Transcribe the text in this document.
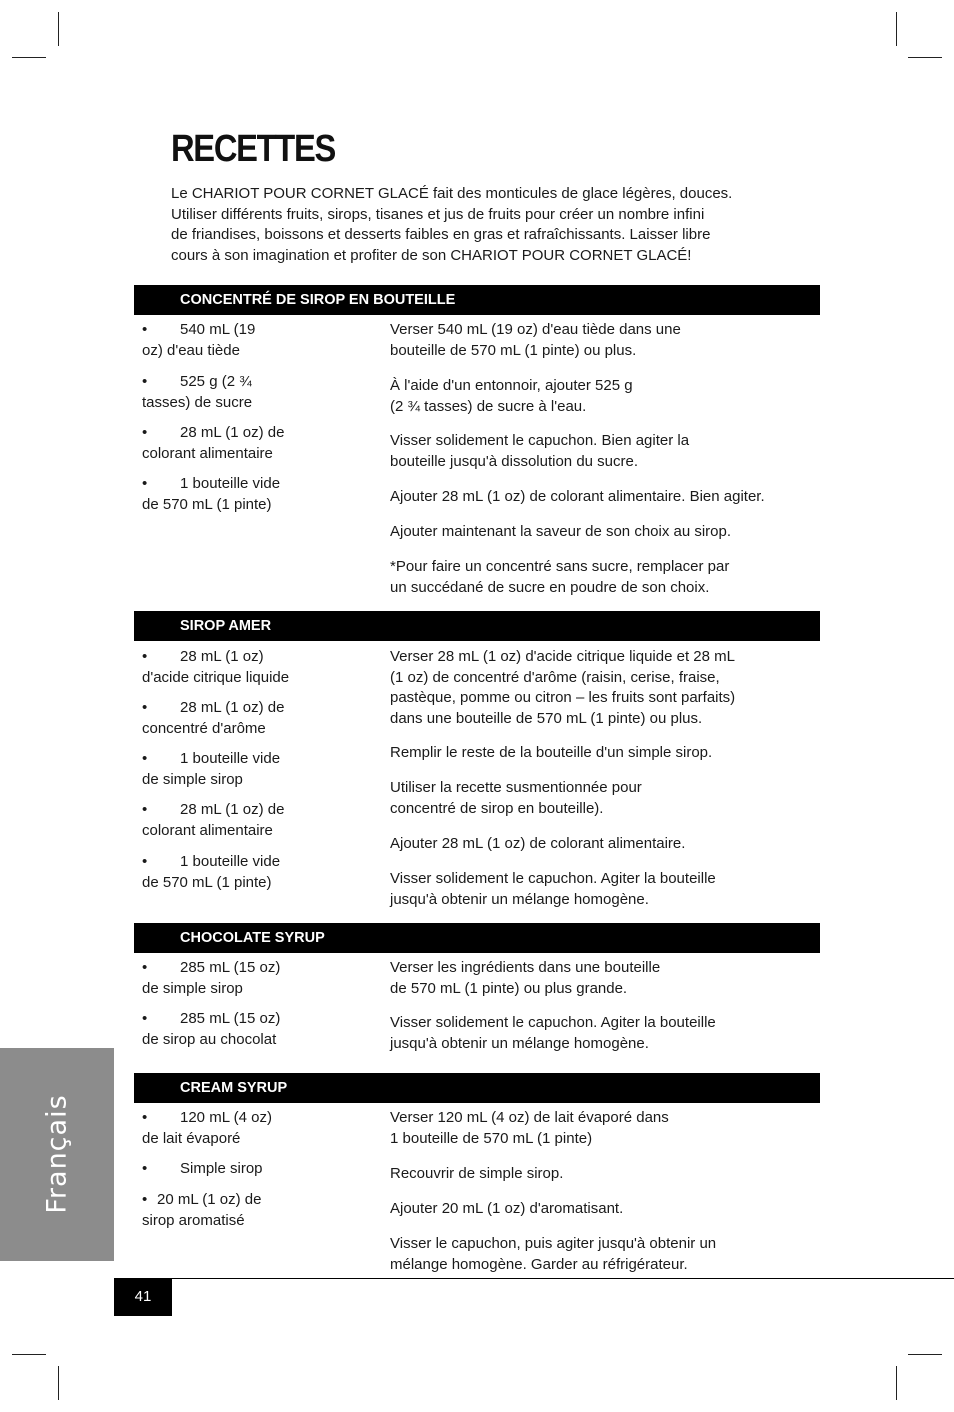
RECETTES

Le CHARIOT POUR CORNET GLACÉ fait des monticules de glace légères, douces.
Utiliser différents fruits, sirops, tisanes et jus de fruits pour créer un nombre infini
de friandises, boissons et desserts faibles en gras et rafraîchissants. Laisser libre
cours à son imagination et profiter de son CHARIOT POUR CORNET GLACÉ!

CONCENTRÉ DE SIROP EN BOUTEILLE

• 540 mL (19
oz) d'eau tiède

• 525 g (2 ¾
tasses) de sucre

• 28 mL (1 oz) de
colorant alimentaire

• 1 bouteille vide
de 570 mL (1 pinte)

Verser 540 mL (19 oz) d'eau tiède dans une
bouteille de 570 mL (1 pinte) ou plus.

À l'aide d'un entonnoir, ajouter 525 g
(2 ¾ tasses) de sucre à l'eau.

Visser solidement le capuchon. Bien agiter la
bouteille jusqu'à dissolution du sucre.

Ajouter 28 mL (1 oz) de colorant alimentaire. Bien agiter.

Ajouter maintenant la saveur de son choix au sirop.

*Pour faire un concentré sans sucre, remplacer par
un succédané de sucre en poudre de son choix.

SIROP AMER

• 28 mL (1 oz)
d'acide citrique liquide

• 28 mL (1 oz) de
concentré d'arôme

• 1 bouteille vide
de simple sirop

• 28 mL (1 oz) de
colorant alimentaire

• 1 bouteille vide
de 570 mL (1 pinte)

Verser 28 mL (1 oz) d'acide citrique liquide et 28 mL
(1 oz) de concentré d'arôme (raisin, cerise, fraise,
pastèque, pomme ou citron – les fruits sont parfaits)
dans une bouteille de 570 mL (1 pinte) ou plus.

Remplir le reste de la bouteille d'un simple sirop.

Utiliser la recette susmentionnée pour
concentré de sirop en bouteille).

Ajouter 28 mL (1 oz) de colorant alimentaire.

Visser solidement le capuchon. Agiter la bouteille
jusqu'à obtenir un mélange homogène.

CHOCOLATE SYRUP

• 285 mL (15 oz)
de simple sirop

• 285 mL (15 oz)
de sirop au chocolat

Verser les ingrédients dans une bouteille
de 570 mL (1 pinte) ou plus grande.

Visser solidement le capuchon. Agiter la bouteille
jusqu'à obtenir un mélange homogène.

CREAM SYRUP

• 120 mL (4 oz)
de lait évaporé

• Simple sirop

• 20 mL (1 oz) de
sirop aromatisé

Verser 120 mL (4 oz) de lait évaporé dans
1 bouteille de 570 mL (1 pinte)

Recouvrir de simple sirop.

Ajouter 20 mL (1 oz) d'aromatisant.

Visser le capuchon, puis agiter jusqu'à obtenir un
mélange homogène. Garder au réfrigérateur.

Français
41
